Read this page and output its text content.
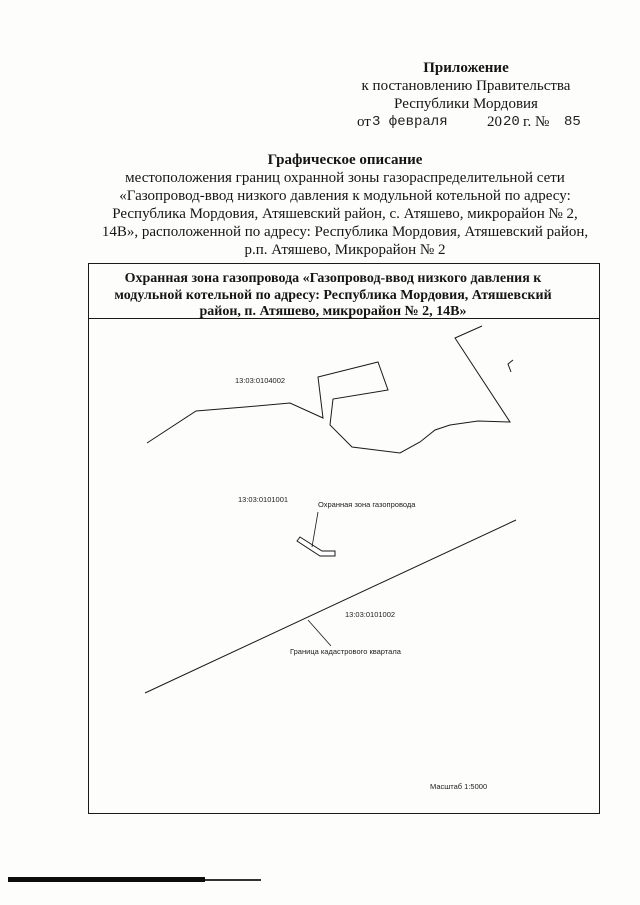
Приложение
к постановлению Правительства
Республики Мордовия
от 3 февраля	20 20 г. № 85
Графическое описание
местоположения границ охранной зоны газораспределительной сети
«Газопровод-ввод низкого давления к модульной котельной по адресу:
Республика Мордовия, Атяшевский район, с. Атяшево, микрорайон № 2,
14В», расположенной по адресу: Республика Мордовия, Атяшевский район,
р.п. Атяшево, Микрорайон № 2
Охранная зона газопровода «Газопровод-ввод низкого давления к
модульной котельной по адресу: Республика Мордовия, Атяшевский
район, п. Атяшево, микрорайон № 2, 14В»
13:03:0104002
13:03:0101001
Охранная зона газопровода
13:03:0101002
Граница кадастрового квартала
Масштаб 1:5000
